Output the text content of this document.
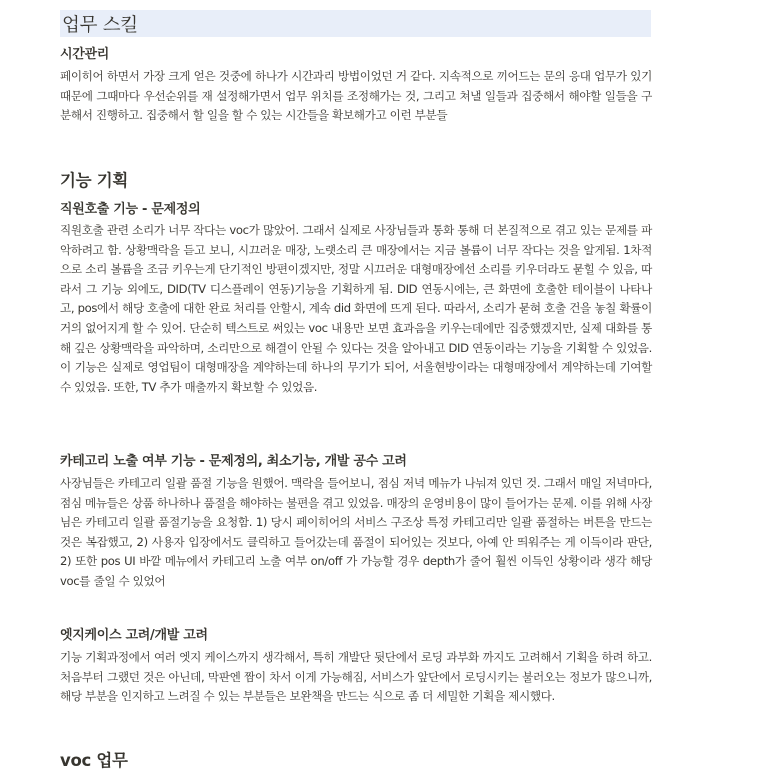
업무 스킬
시간관리

페이히어 하면서 가장 크게 얻은 것중에 하나가 시간과리 방법이었던 거 같다. 지속적으로 끼어드는 문의 응대 업무가 있기 때문에 그때마다 우선순위를 재 설정해가면서 업무 위치를 조정해가는 것, 그리고 쳐낼 일들과 집중해서 해야할 일들을 구분해서 진행하고. 집중해서 할 일을 할 수 있는 시간들을 확보해가고 이런 부분들

기능 기획
직원호출 기능 - 문제정의

직원호출 관련 소리가 너무 작다는 voc가 많았어. 그래서 실제로 사장님들과 통화 통해 더 본질적으로 겪고 있는 문제를 파악하려고 함. 상황맥락을 듣고 보니, 시끄러운 매장, 노랫소리 큰 매장에서는 지금 볼륨이 너무 작다는 것을 알게됨. 1차적으로 소리 볼륨을 조금 키우는게 단기적인 방편이겠지만, 정말 시끄러운 대형매장에선 소리를 키우더라도 묻힐 수 있음, 따라서 그 기능 외에도, DID(TV 디스플레이 연동)기능을 기획하게 됨. DID 연동시에는, 큰 화면에 호출한 테이블이 나타나고, pos에서 해당 호출에 대한 완료 처리를 안할시, 계속 did 화면에 뜨게 된다. 따라서, 소리가 묻혀 호출 건을 놓칠 확률이 거의 없어지게 할 수 있어. 단순히 텍스트로 써있는 voc 내용만 보면 효과음을 키우는데에만 집중했겠지만, 실제 대화를 통해 깊은 상황맥락을 파악하며, 소리만으로 해결이 안될 수 있다는 것을 알아내고 DID 연동이라는 기능을 기획할 수 있었음. 이 기능은 실제로 영업팀이 대형매장을 계약하는데 하나의 무기가 되어, 서울현방이라는 대형매장에서 계약하는데 기여할 수 있었음. 또한, TV 추가 매출까지 확보할 수 있었음.

카테고리 노출 여부 기능 - 문제정의, 최소기능, 개발 공수 고려

사장님들은 카테고리 일괄 품절 기능을 원했어. 맥락을 들어보니, 점심 저녁 메뉴가 나눠져 있던 것. 그래서 매일 저녁마다, 점심 메뉴들은 상품 하나하나 품절을 해야하는 불편을 겪고 있었음. 매장의 운영비용이 많이 들어가는 문제. 이를 위해 사장님은 카테고리 일괄 품절기능을 요청함. 1) 당시 페이히어의 서비스 구조상 특정 카테고리만 일괄 품절하는 버튼을 만드는 것은 복잡했고, 2) 사용자 입장에서도 클릭하고 들어갔는데 품절이 되어있는 것보다, 아예 안 띄워주는 게 이득이라 판단, 2) 또한 pos UI 바깥 메뉴에서 카테고리 노출 여부 on/off 가 가능할 경우 depth가 줄어 훨씬 이득인 상황이라 생각 해당 voc를 줄일 수 있었어

엣지케이스 고려/개발 고려

기능 기획과정에서 여러 엣지 케이스까지 생각해서, 특히 개발단 뒷단에서 로딩 과부화 까지도 고려해서 기획을 하려 하고. 처음부터 그랬던 것은 아닌데, 막판엔 짬이 차서 이게 가능해짐, 서비스가 앞단에서 로딩시키는 불러오는 정보가 많으니까, 해당 부분을 인지하고 느려질 수 있는 부분들은 보완책을 만드는 식으로 좀 더 세밀한 기획을 제시했다.

voc 업무
